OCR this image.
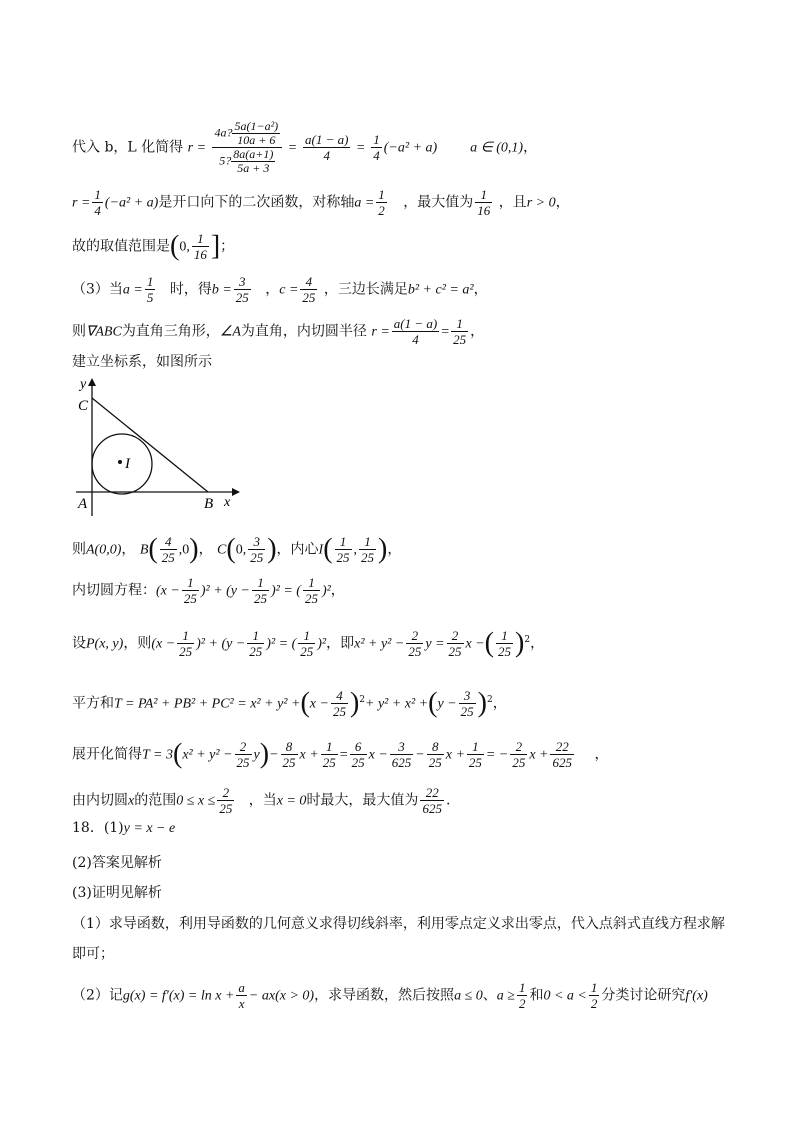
代入 b，L 化简得 $r = \frac{4a? \frac{\text{5a(1−a²)}}{10a + 6}}{5? \frac{8a(a+1)}{5a + 3}} = \frac{a(1 - a)}{4} = \frac{1}{4} (-a^2 + a)$ a ∈ (0,1)，
$r = \frac{1}{4} (-a^2 + a)$是开口向下的二次函数，对称轴$a = \frac{1}{2}$ ，最大值为 $\frac{1}{16}$ ，且r > 0，
故的取值范围是(0, $\frac{1}{16}$ ]；
（3）当$a = \frac{1}{5}$ 时，得$b = \frac{3}{25}$ ，$c = \frac{4}{25}$ ，三边长满足b² + c² = a²，
则∇ABC为直角三角形，∠A为直角，内切圆半径 $r = \frac{a(1 - a)}{4} = \frac{1}{25}$ ，
建立坐标系，如图所示
y
x
C
A	B
I
则A(0,0)， $B( \frac{4}{25} ,0)$， C(0, $\frac{3}{25}$ )，内心$I( \frac{1}{25}$ , $\frac{1}{25}$ )，
内切圆方程：$(x - \frac{1}{25} )^2 + (y - \frac{1}{25} )^2$ = ( $\frac{1}{25} )^2$，
设P(x, y)，则$(x - \frac{1}{25} )^2 + (y - \frac{1}{25} )^2$ = ( $\frac{1}{25} )^2$，即$x^2 + y^2 - \frac{2}{25}$ $y = \frac{2}{25}$ x −( $\frac{1}{25} )^2$，
平方和$T = PA^2 + PB^2 + PC^2 = x^2 + y^2 +(x - \frac{4}{25} )^2+ y^2 + x^2 +(y - \frac{3}{25} )^2$，
展开化简得$T = 3(x^2 + y^2 - \frac{2}{25} y)- \frac{8}{25}$ $x + \frac{1}{25} = \frac{6}{25}$ $x - \frac{3}{625} - \frac{8}{25}$ $x + \frac{1}{25}$ = − $\frac{2}{25}$ $x + \frac{22}{625}$ ，
由内切圆x的范围$0 \le x \le \frac{2}{25}$ ，当x = 0时最大，最大值为 $\frac{22}{625}$ .
18．(1)y = x − e
(2)答案见解析
(3)证明见解析
（1）求导函数，利用导函数的几何意义求得切线斜率，利用零点定义求出零点，代入点斜式直线方程求解
即可；
（2）记$g(x) = f'(x) = \ln x + \frac{a}{x} - ax(x > 0)$，求导函数，然后按照a ≤ 0、$a \ge \frac{1}{2}$ 和$0 < a < \frac{1}{2}$ 分类讨论研究f′(x)
